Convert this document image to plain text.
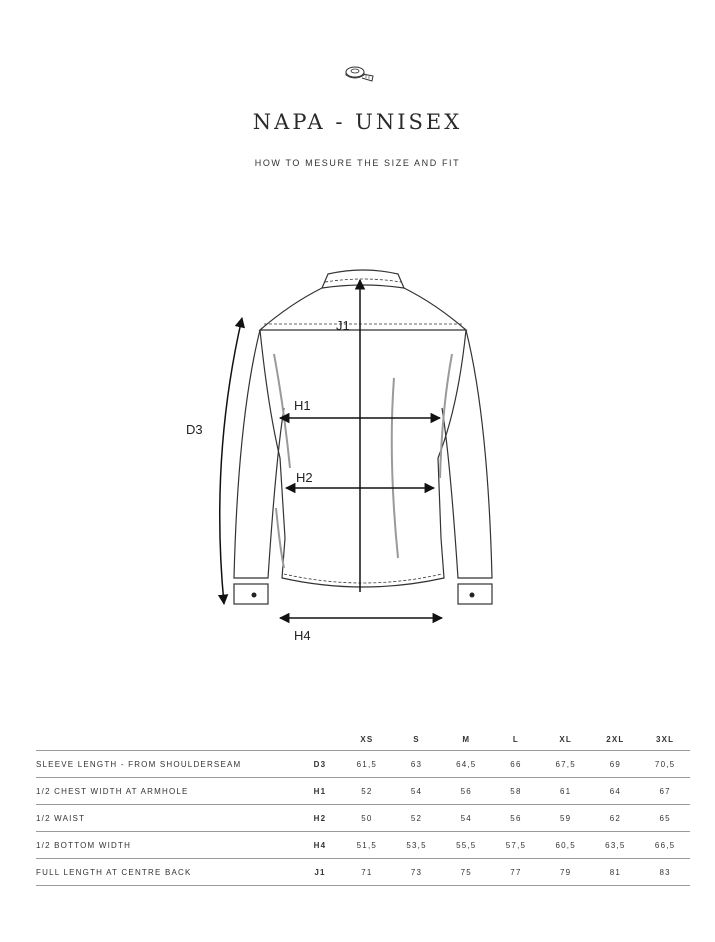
NAPA - UNISEX
HOW TO MESURE THE SIZE AND FIT
J1
H1
H2
D3
H4
		XS	S	M	L	XL	2XL	3XL
SLEEVE LENGTH - FROM SHOULDERSEAM	D3	61,5	63	64,5	66	67,5	69	70,5
1/2 CHEST WIDTH AT ARMHOLE	H1	52	54	56	58	61	64	67
1/2 WAIST	H2	50	52	54	56	59	62	65
1/2 BOTTOM WIDTH	H4	51,5	53,5	55,5	57,5	60,5	63,5	66,5
FULL LENGTH AT CENTRE BACK	J1	71	73	75	77	79	81	83
